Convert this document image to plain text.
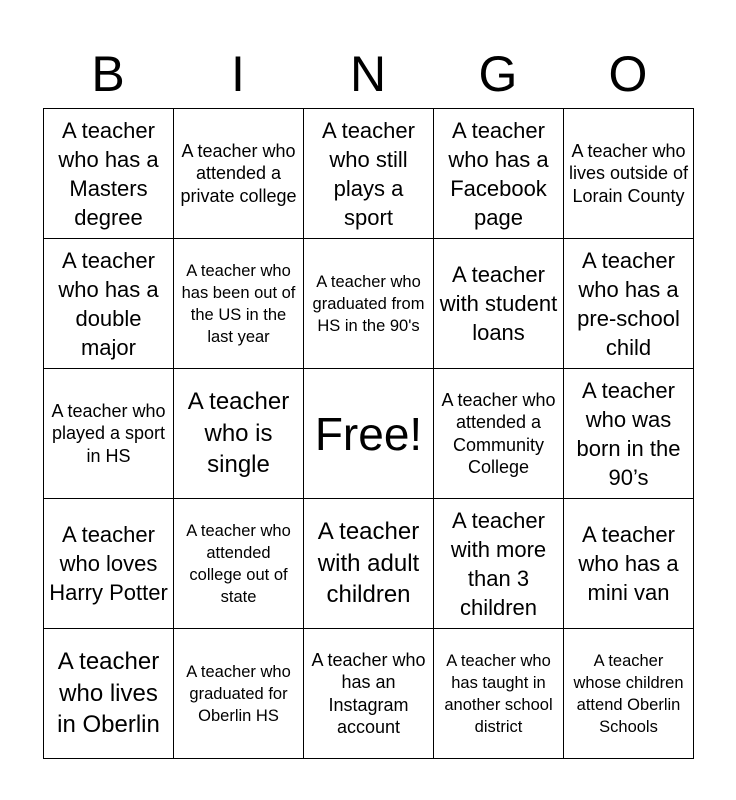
B	I	N	G	O
A teacher who has a Masters degree	A teacher who attended a private college	A teacher who still plays a sport	A teacher who has a Facebook page	A teacher who lives outside of Lorain County

A teacher who has a double major	A teacher who has been out of the US in the last year	A teacher who graduated from HS in the 90's	A teacher with student loans	A teacher who has a pre-school child

A teacher who played a sport in HS	A teacher who is single	Free!	A teacher who attended a Community College	A teacher who was born in the 90’s

A teacher who loves Harry Potter	A teacher who attended college out of state	A teacher with adult children	A teacher with more than 3 children	A teacher who has a mini van

A teacher who lives in Oberlin	A teacher who graduated for Oberlin HS	A teacher who has an Instagram account	A teacher who has taught in another school district	A teacher whose children attend Oberlin Schools
